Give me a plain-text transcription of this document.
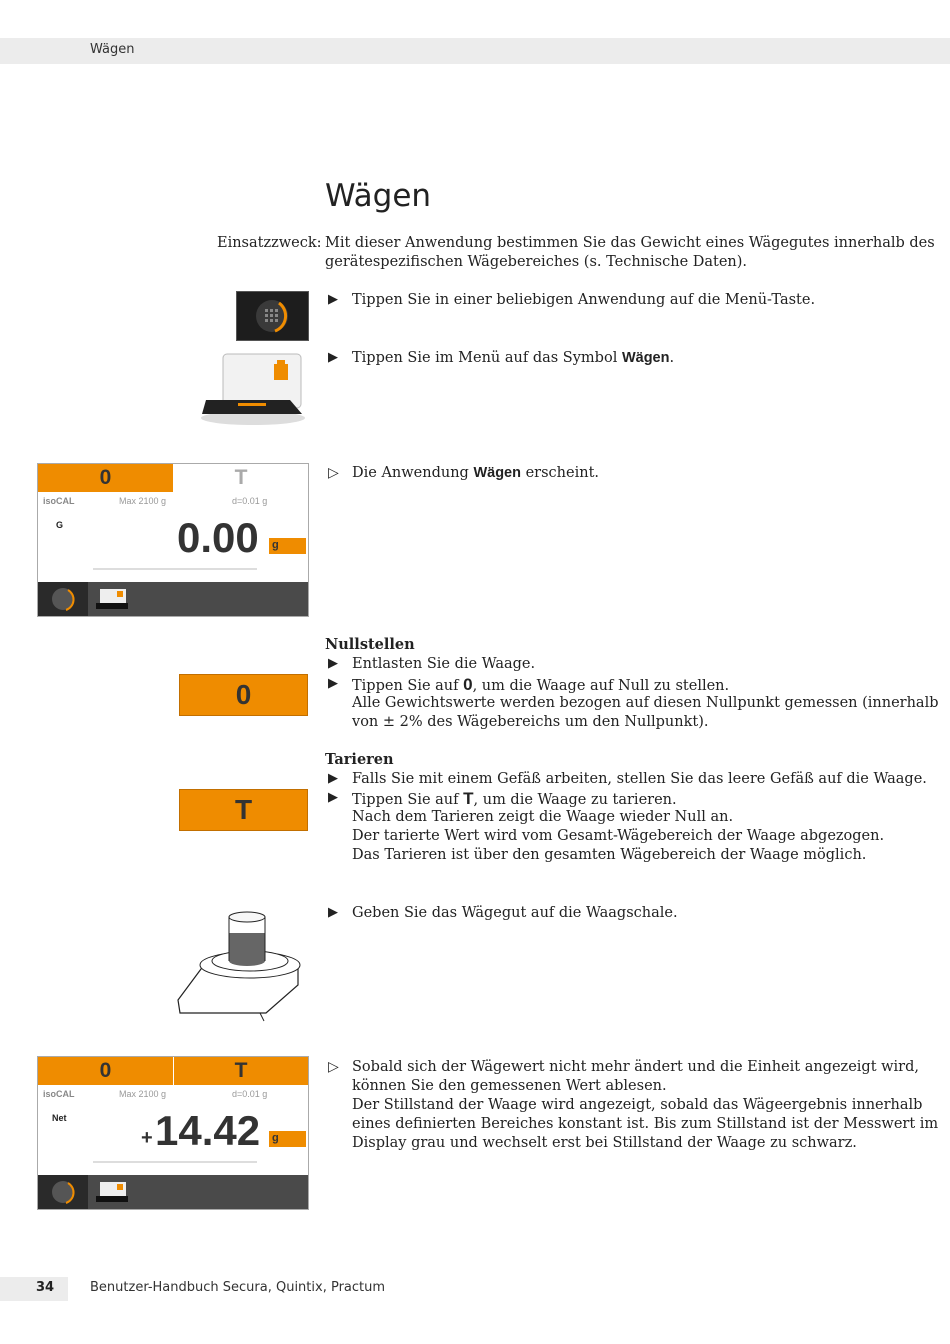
Wägen
Wägen
Einsatzzweck: Mit dieser Anwendung bestimmen Sie das Gewicht eines Wägegutes innerhalb des
gerätespezifischen Wägebereiches (s. Technische Daten).
▶ Tippen Sie in einer beliebigen Anwendung auf die Menü-Taste.
▶ Tippen Sie im Menü auf das Symbol Wägen.
0	T
isoCAL	Max 2100 g	d=0.01 g
G	0.00 g
▷ Die Anwendung Wägen erscheint.
0
Nullstellen
▶ Entlasten Sie die Waage.
▶ Tippen Sie auf 0, um die Waage auf Null zu stellen.
Alle Gewichtswerte werden bezogen auf diesen Nullpunkt gemessen (innerhalb
von ± 2% des Wägebereichs um den Nullpunkt).
T
Tarieren
▶ Falls Sie mit einem Gefäß arbeiten, stellen Sie das leere Gefäß auf die Waage.
▶ Tippen Sie auf T, um die Waage zu tarieren.
Nach dem Tarieren zeigt die Waage wieder Null an.
Der tarierte Wert wird vom Gesamt-Wägebereich der Waage abgezogen.
Das Tarieren ist über den gesamten Wägebereich der Waage möglich.
▶ Geben Sie das Wägegut auf die Waagschale.
0	T
isoCAL	Max 2100 g	d=0.01 g
Net
+ 14.42 g
▷ Sobald sich der Wägewert nicht mehr ändert und die Einheit angezeigt wird,
können Sie den gemessenen Wert ablesen.
Der Stillstand der Waage wird angezeigt, sobald das Wägeergebnis innerhalb
eines definierten Bereiches konstant ist. Bis zum Stillstand ist der Messwert im
Display grau und wechselt erst bei Stillstand der Waage zu schwarz.
34	Benutzer-Handbuch Secura, Quintix, Practum
